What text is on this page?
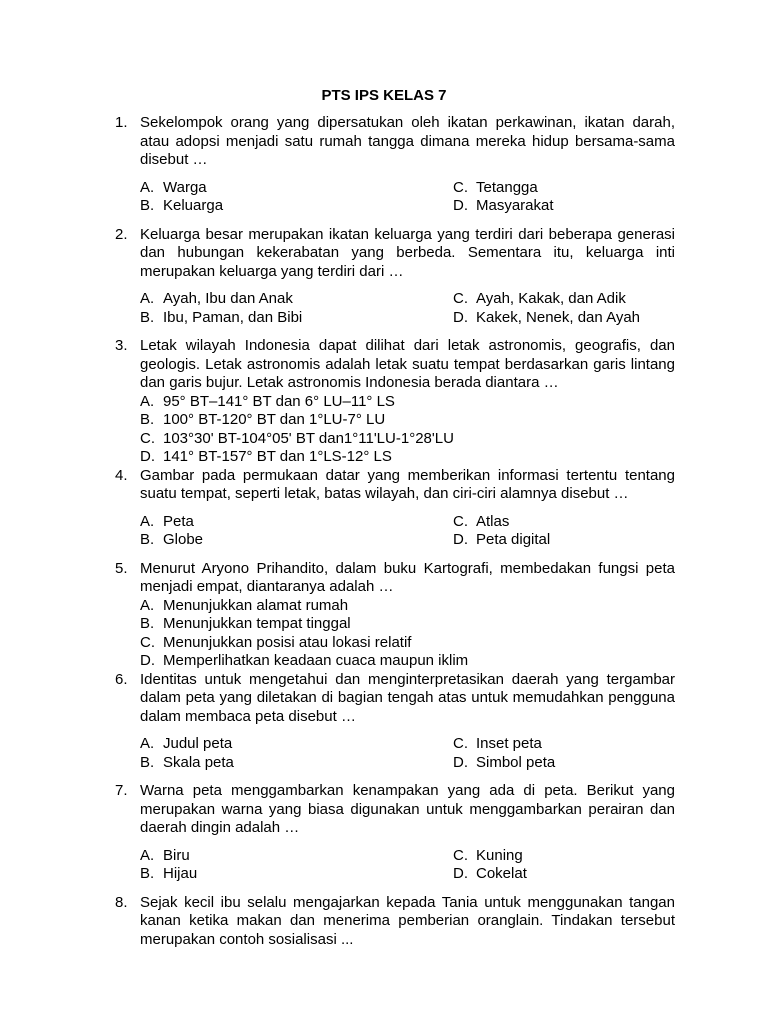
PTS IPS KELAS 7
1. Sekelompok orang yang dipersatukan oleh ikatan perkawinan, ikatan darah, atau adopsi menjadi satu rumah tangga dimana mereka hidup bersama-sama disebut …
A. Warga	C. Tetangga
B. Keluarga	D. Masyarakat
2. Keluarga besar merupakan ikatan keluarga yang terdiri dari beberapa generasi dan hubungan kekerabatan yang berbeda. Sementara itu, keluarga inti merupakan keluarga yang terdiri dari …
A. Ayah, Ibu dan Anak	C. Ayah, Kakak, dan Adik
B. Ibu, Paman, dan Bibi	D. Kakek, Nenek, dan Ayah
3. Letak wilayah Indonesia dapat dilihat dari letak astronomis, geografis, dan geologis. Letak astronomis adalah letak suatu tempat berdasarkan garis lintang dan garis bujur. Letak astronomis Indonesia berada diantara …
A. 95° BT–141° BT dan 6° LU–11° LS
B. 100° BT-120° BT dan 1°LU-7° LU
C. 103°30' BT-104°05' BT dan1°11'LU-1°28'LU
D. 141° BT-157° BT dan 1°LS-12° LS
4. Gambar pada permukaan datar yang memberikan informasi tertentu tentang suatu tempat, seperti letak, batas wilayah, dan ciri-ciri alamnya disebut …
A. Peta	C. Atlas
B. Globe	D. Peta digital
5. Menurut Aryono Prihandito, dalam buku Kartografi, membedakan fungsi peta menjadi empat, diantaranya adalah …
A. Menunjukkan alamat rumah
B. Menunjukkan tempat tinggal
C. Menunjukkan posisi atau lokasi relatif
D. Memperlihatkan keadaan cuaca maupun iklim
6. Identitas untuk mengetahui dan menginterpretasikan daerah yang tergambar dalam peta yang diletakan di bagian tengah atas untuk memudahkan pengguna dalam membaca peta disebut …
A. Judul peta	C. Inset peta
B. Skala peta	D. Simbol peta
7. Warna peta menggambarkan kenampakan yang ada di peta. Berikut yang merupakan warna yang biasa digunakan untuk menggambarkan perairan dan daerah dingin adalah …
A. Biru	C. Kuning
B. Hijau	D. Cokelat
8. Sejak kecil ibu selalu mengajarkan kepada Tania untuk menggunakan tangan kanan ketika makan dan menerima pemberian oranglain. Tindakan tersebut merupakan contoh sosialisasi ...
